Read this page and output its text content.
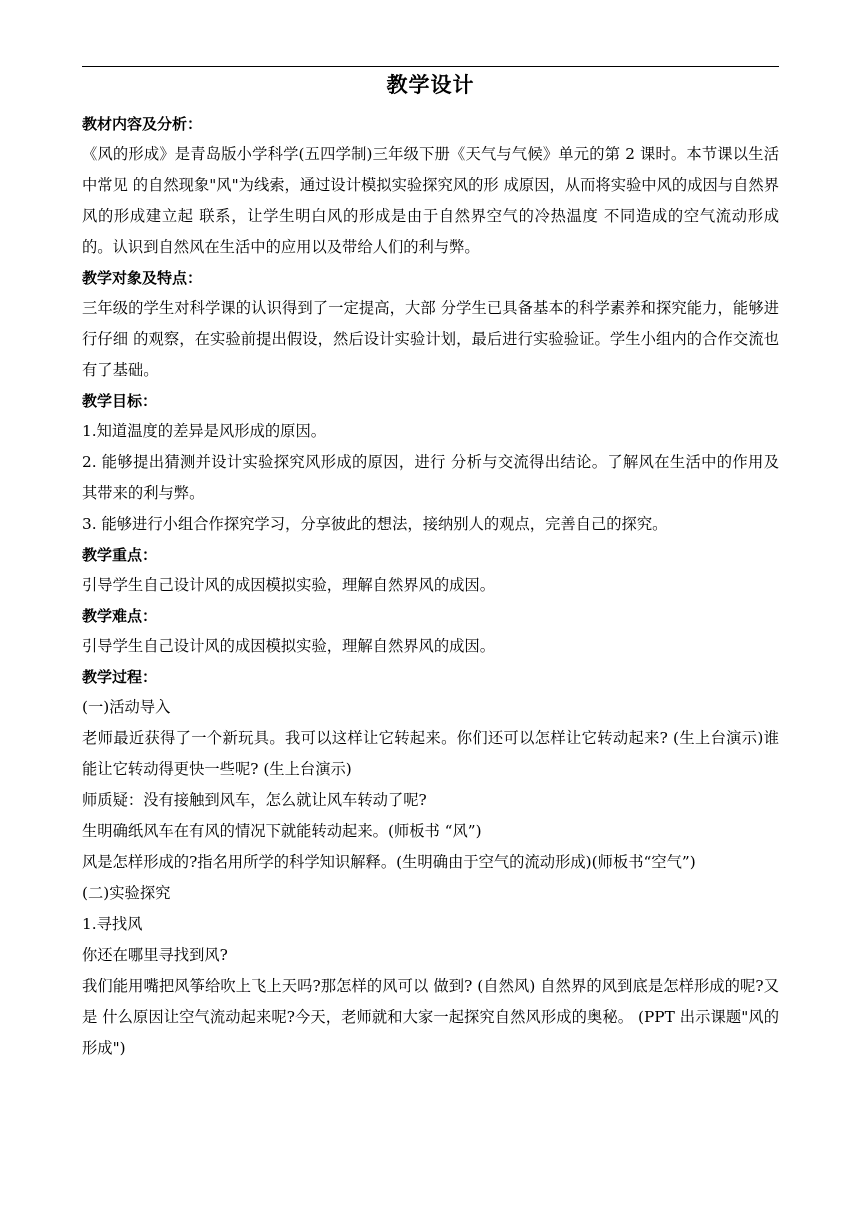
教学设计

教材内容及分析：

《风的形成》是青岛版小学科学(五四学制)三年级下册《天气与气候》单元的第 2 课时。本节课以生活中常见 的自然现象"风"为线索，通过设计模拟实验探究风的形 成原因，从而将实验中风的成因与自然界风的形成建立起 联系，让学生明白风的形成是由于自然界空气的冷热温度 不同造成的空气流动形成的。认识到自然风在生活中的应用以及带给人们的利与弊。

教学对象及特点：

三年级的学生对科学课的认识得到了一定提高，大部 分学生已具备基本的科学素养和探究能力，能够进行仔细 的观察，在实验前提出假设，然后设计实验计划，最后进行实验验证。学生小组内的合作交流也有了基础。

教学目标：

1.知道温度的差异是风形成的原因。

2. 能够提出猜测并设计实验探究风形成的原因，进行 分析与交流得出结论。了解风在生活中的作用及其带来的利与弊。

3. 能够进行小组合作探究学习，分享彼此的想法，接纳别人的观点，完善自己的探究。

教学重点：

引导学生自己设计风的成因模拟实验，理解自然界风的成因。

教学难点：

引导学生自己设计风的成因模拟实验，理解自然界风的成因。

教学过程：

(一)活动导入

老师最近获得了一个新玩具。我可以这样让它转起来。你们还可以怎样让它转动起来? (生上台演示)谁能让它转动得更快一些呢? (生上台演示)

师质疑：没有接触到风车，怎么就让风车转动了呢?

生明确纸风车在有风的情况下就能转动起来。(师板书 “风”)

风是怎样形成的?指名用所学的科学知识解释。(生明确由于空气的流动形成)(师板书“空气”)

(二)实验探究

1.寻找风

你还在哪里寻找到风?

我们能用嘴把风筝给吹上飞上天吗?那怎样的风可以 做到? (自然风) 自然界的风到底是怎样形成的呢?又是 什么原因让空气流动起来呢?今天，老师就和大家一起探究自然风形成的奥秘。 (PPT 出示课题"风的形成")
